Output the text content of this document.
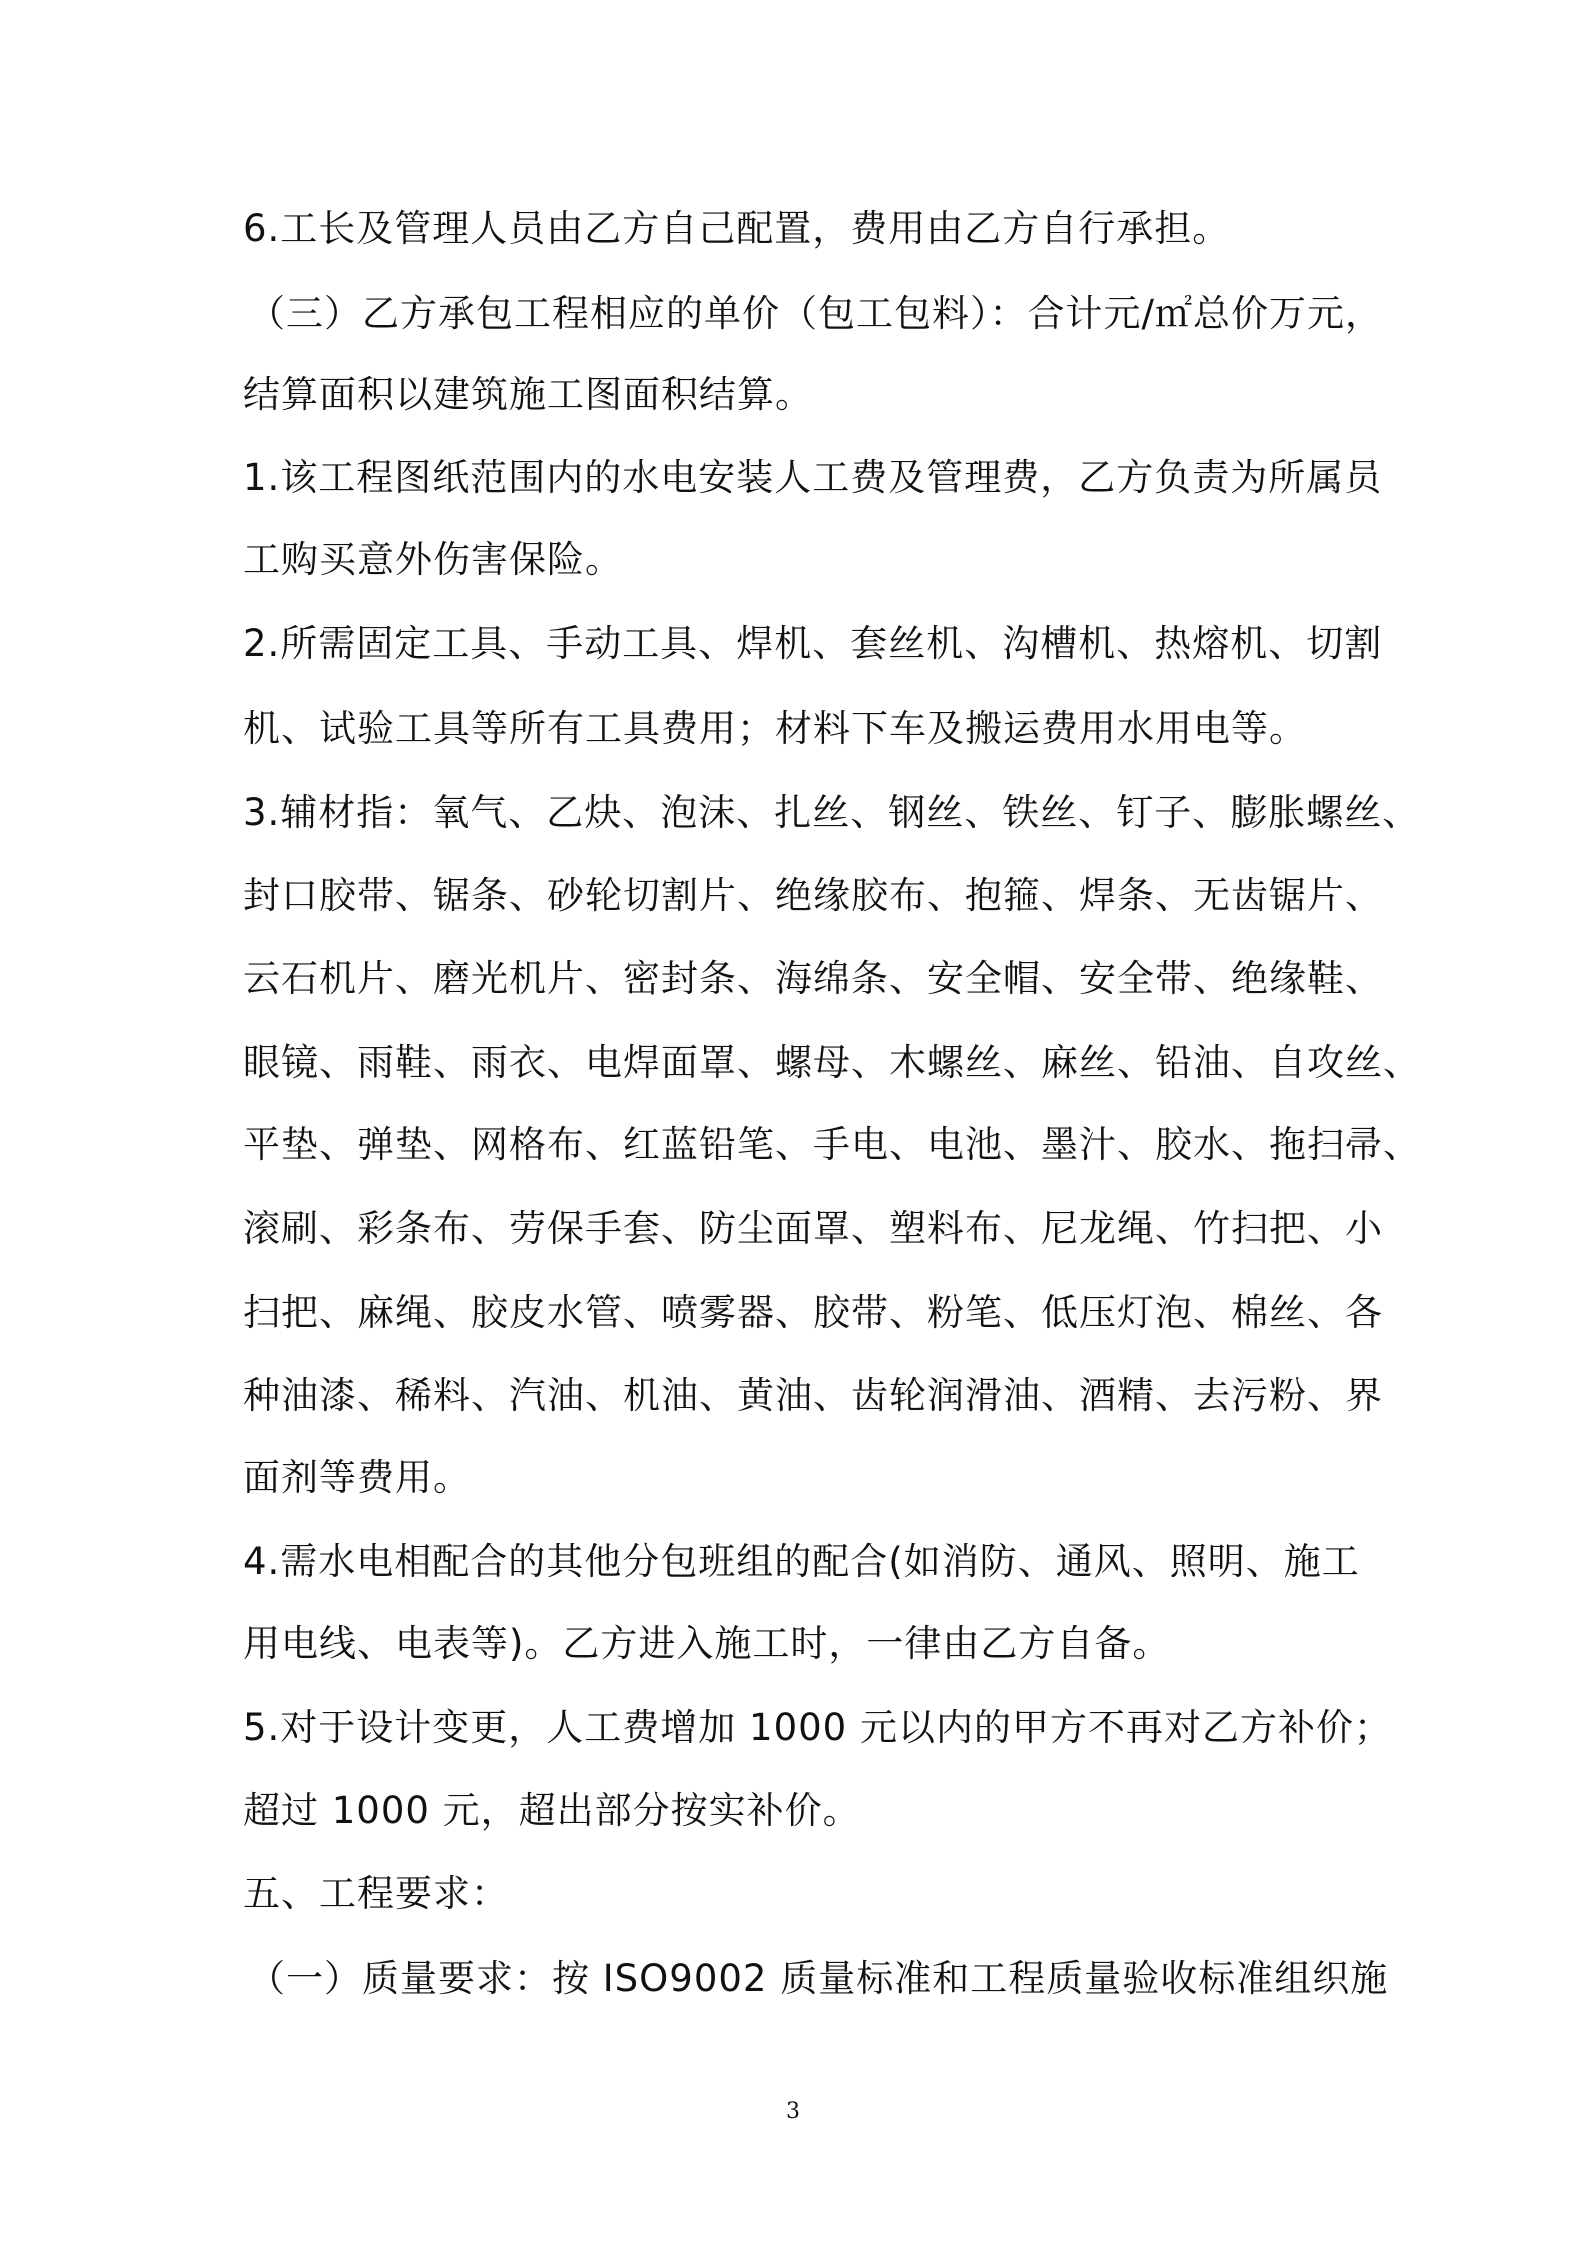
6.工长及管理人员由乙方自己配置，费用由乙方自行承担。
（三）乙方承包工程相应的单价（包工包料）：合计元/㎡总价万元，
结算面积以建筑施工图面积结算。
1.该工程图纸范围内的水电安装人工费及管理费，乙方负责为所属员
工购买意外伤害保险。
2.所需固定工具、手动工具、焊机、套丝机、沟槽机、热熔机、切割
机、试验工具等所有工具费用；材料下车及搬运费用水用电等。
3.辅材指：氧气、乙炔、泡沫、扎丝、钢丝、铁丝、钉子、膨胀螺丝、
封口胶带、锯条、砂轮切割片、绝缘胶布、抱箍、焊条、无齿锯片、
云石机片、磨光机片、密封条、海绵条、安全帽、安全带、绝缘鞋、
眼镜、雨鞋、雨衣、电焊面罩、螺母、木螺丝、麻丝、铅油、自攻丝、
平垫、弹垫、网格布、红蓝铅笔、手电、电池、墨汁、胶水、拖扫帚、
滚刷、彩条布、劳保手套、防尘面罩、塑料布、尼龙绳、竹扫把、小
扫把、麻绳、胶皮水管、喷雾器、胶带、粉笔、低压灯泡、棉丝、各
种油漆、稀料、汽油、机油、黄油、齿轮润滑油、酒精、去污粉、界
面剂等费用。
4.需水电相配合的其他分包班组的配合(如消防、通风、照明、施工
用电线、电表等)。乙方进入施工时，一律由乙方自备。
5.对于设计变更，人工费增加 1000 元以内的甲方不再对乙方补价；
超过 1000 元，超出部分按实补价。
五、工程要求：
（一）质量要求：按 ISO9002 质量标准和工程质量验收标准组织施
3
